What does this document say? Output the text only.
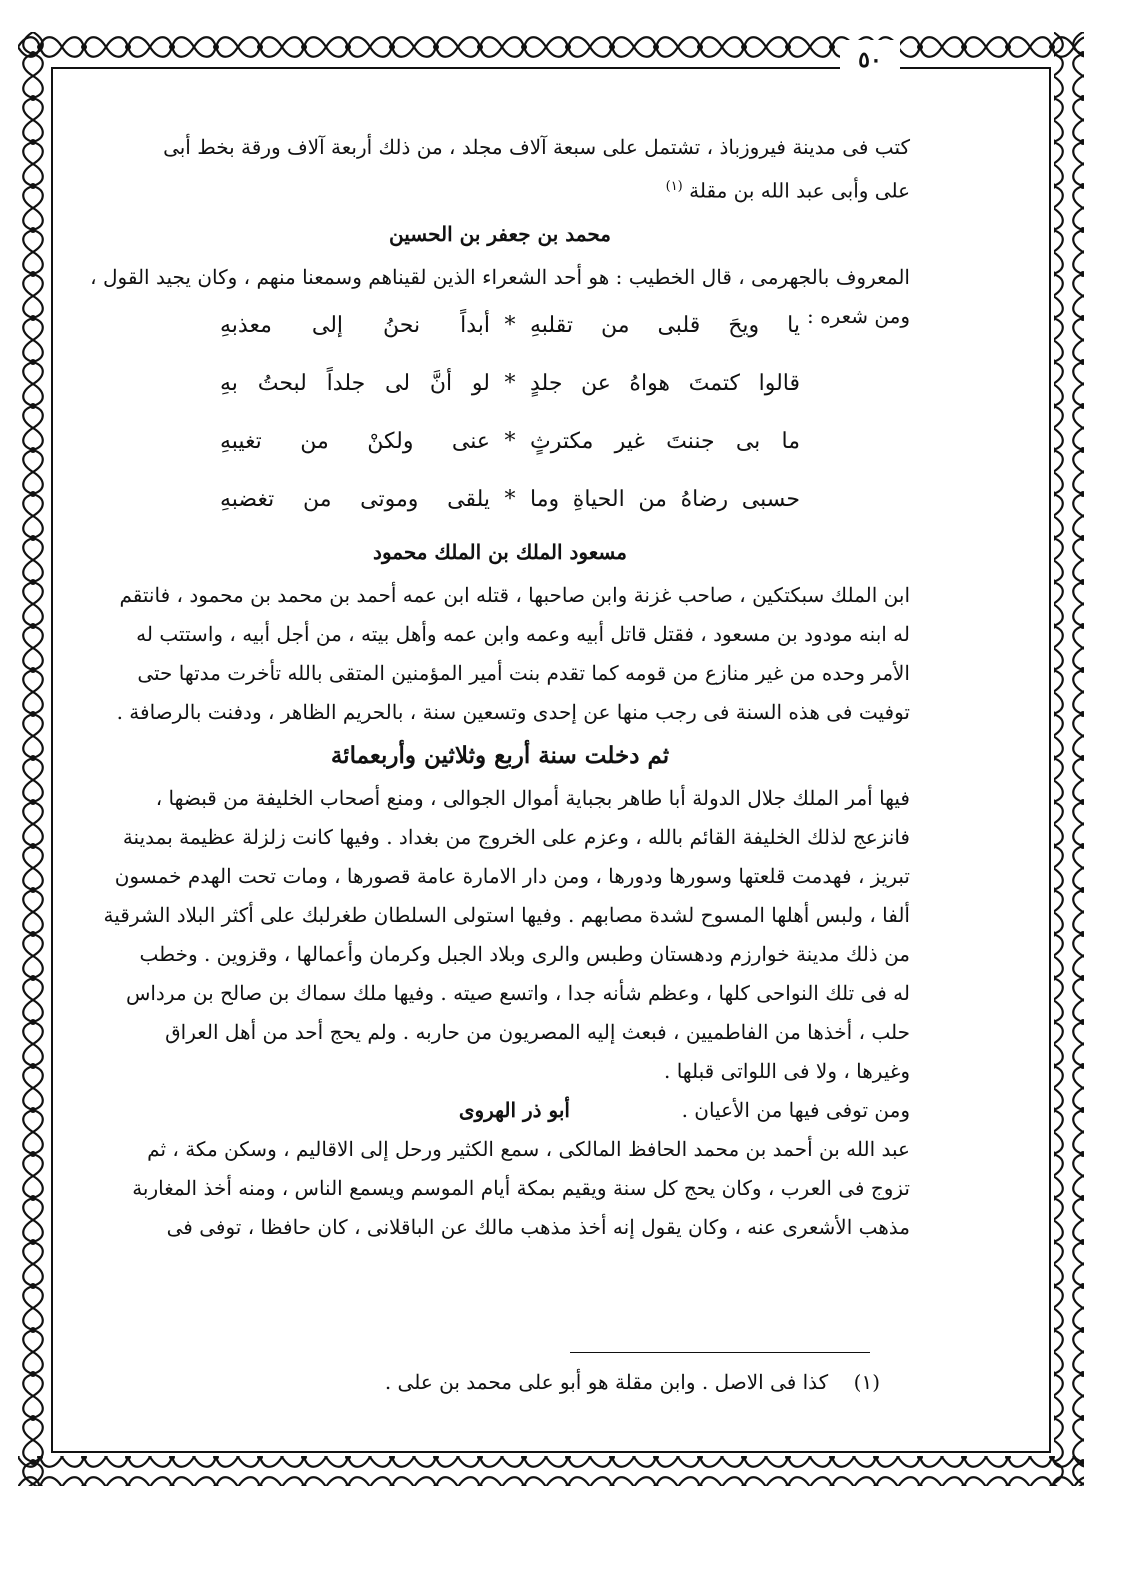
٥٠

كتب فى مدينة فيروزباذ ، تشتمل على سبعة آلاف مجلد ، من ذلك أربعة آلاف ورقة بخط أبى

على وأبى عبد الله بن مقلة $^{(١)}$

محمد بن جعفر بن الحسين

المعروف بالجهرمى ، قال الخطيب : هو أحد الشعراء الذين لقيناهم وسمعنا منهم ، وكان يجيد القول ،

ومن شعره :
يا ويحَ قلبى من تقلبهِ
*
أبداً نحنُ إلى معذبهِ
قالوا كتمتَ هواهُ عن جلدٍ
*
لو أنَّ لى جلداً لبحتُ بهِ
ما بى جننتَ غير مكترثٍ
*
عنى ولكنْ من تغيبهِ
حسبى رضاهُ من الحياةِ وما
*
يلقى وموتى من تغضبهِ
مسعود الملك بن الملك محمود

ابن الملك سبكتكين ، صاحب غزنة وابن صاحبها ، قتله ابن عمه أحمد بن محمد بن محمود ، فانتقم

له ابنه مودود بن مسعود ، فقتل قاتل أبيه وعمه وابن عمه وأهل بيته ، من أجل أبيه ، واستتب له

الأمر وحده من غير منازع من قومه كما تقدم بنت أمير المؤمنين المتقى بالله تأخرت مدتها حتى

توفيت فى هذه السنة فى رجب منها عن إحدى وتسعين سنة ، بالحريم الظاهر ، ودفنت بالرصافة .

ثم دخلت سنة أربع وثلاثين وأربعمائة

فيها أمر الملك جلال الدولة أبا طاهر بجباية أموال الجوالى ، ومنع أصحاب الخليفة من قبضها ،

فانزعج لذلك الخليفة القائم بالله ، وعزم على الخروج من بغداد . وفيها كانت زلزلة عظيمة بمدينة

تبريز ، فهدمت قلعتها وسورها ودورها ، ومن دار الامارة عامة قصورها ، ومات تحت الهدم خمسون

ألفا ، ولبس أهلها المسوح لشدة مصابهم . وفيها استولى السلطان طغرلبك على أكثر البلاد الشرقية

من ذلك مدينة خوارزم ودهستان وطبس والرى وبلاد الجبل وكرمان وأعمالها ، وقزوين . وخطب

له فى تلك النواحى كلها ، وعظم شأنه جدا ، واتسع صيته . وفيها ملك سماك بن صالح بن مرداس

حلب ، أخذها من الفاطميين ، فبعث إليه المصريون من حاربه . ولم يحج أحد من أهل العراق

وغيرها ، ولا فى اللواتى قبلها .

ومن توفى فيها من الأعيان .
أبو ذر الهروى

عبد الله بن أحمد بن محمد الحافظ المالكى ، سمع الكثير ورحل إلى الاقاليم ، وسكن مكة ، ثم

تزوج فى العرب ، وكان يحج كل سنة ويقيم بمكة أيام الموسم ويسمع الناس ، ومنه أخذ المغاربة

مذهب الأشعرى عنه ، وكان يقول إنه أخذ مذهب مالك عن الباقلانى ، كان حافظا ، توفى فى

(١)    كذا فى الاصل . وابن مقلة هو أبو على محمد بن على .
